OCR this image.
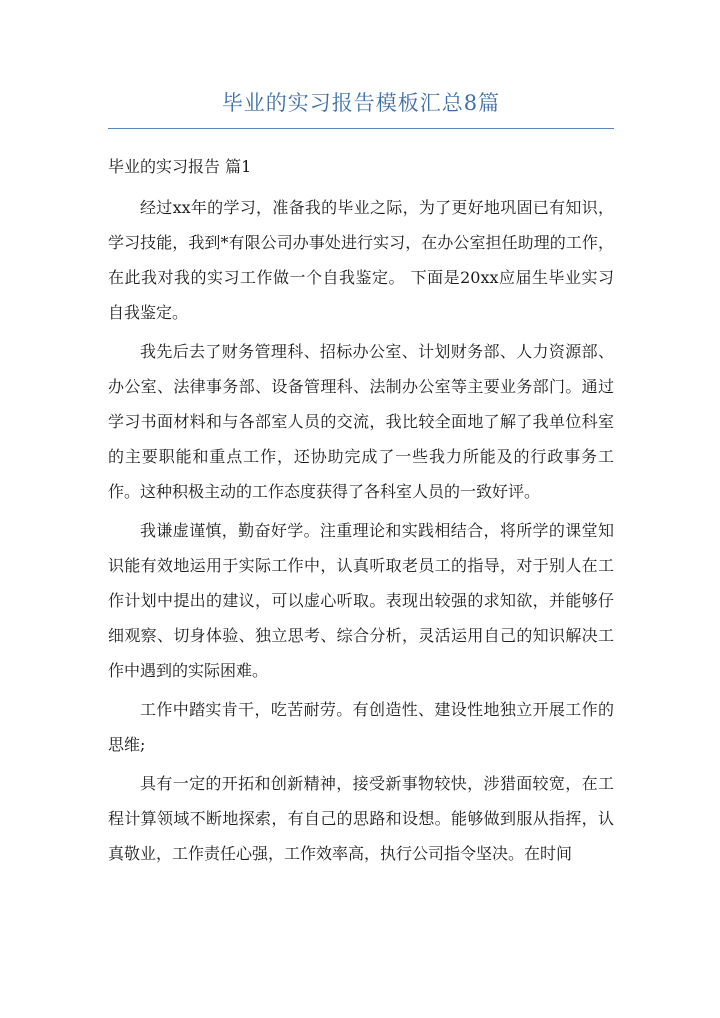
毕业的实习报告模板汇总8篇
毕业的实习报告 篇1

经过xx年的学习，准备我的毕业之际，为了更好地巩固已有知识，学习技能，我到*有限公司办事处进行实习，在办公室担任助理的工作，在此我对我的实习工作做一个自我鉴定。 下面是20xx应届生毕业实习自我鉴定。

我先后去了财务管理科、招标办公室、计划财务部、人力资源部、办公室、法律事务部、设备管理科、法制办公室等主要业务部门。通过学习书面材料和与各部室人员的交流，我比较全面地了解了我单位科室的主要职能和重点工作，还协助完成了一些我力所能及的行政事务工作。这种积极主动的工作态度获得了各科室人员的一致好评。

我谦虚谨慎，勤奋好学。注重理论和实践相结合，将所学的课堂知识能有效地运用于实际工作中，认真听取老员工的指导，对于别人在工作计划中提出的建议，可以虚心听取。表现出较强的求知欲，并能够仔细观察、切身体验、独立思考、综合分析，灵活运用自己的知识解决工作中遇到的实际困难。

工作中踏实肯干，吃苦耐劳。有创造性、建设性地独立开展工作的思维;

具有一定的开拓和创新精神，接受新事物较快，涉猎面较宽，在工程计算领域不断地探索，有自己的思路和设想。能够做到服从指挥，认真敬业，工作责任心强，工作效率高，执行公司指令坚决。在时间
